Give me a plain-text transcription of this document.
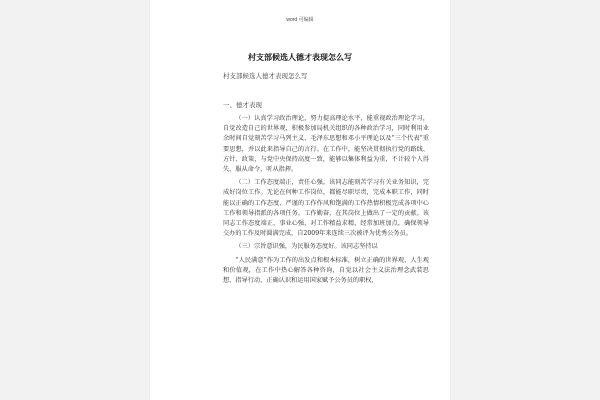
word 可编辑
村支部候选人德才表现怎么写
村支部候选人德才表现怎么写
一、德才表现

（一）认真学习政治理论，努力提高理论水平，能重视政治理论学习，自觉改造自己的世界观，积极参加局机关组织的各种政治学习，同时利用业余时间自觉刻苦学习马列主义、毛泽东思想和邓小平理论以及“三个代表”重要思想，并以此来指导自己的言行。在工作中，能坚决贯彻执行党的路线、方针、政策，与党中央保持高度一致，能够以集体利益为重，不计较个人得失，服从命令，听从指挥。

（二）工作态度端正，责任心强。该同志能刻苦学习有关业务知识，完成好岗位工作。无论在何种工作岗位，都能尽职尽责，完成本职工作，同时能以正确的工作态度、严谨的工作作风和饱满的工作热情积极完成各项中心工作和领导指派的各项任务。工作勤奋，在其岗位上做出了一定的贡献。该同志工作态度端正，事业心强，对工作精益求精，经常加班加点，确保领导交办的工作及时圆满完成，自2009年来连续三次被评为优秀公务员。

（三）宗旨意识强，为民服务态度好。该同志坚持以

“人民满意”作为工作的出发点和根本标准，树立正确的世界观、人生观和价值观，在工作中热心解答各种咨询，自觉以社会主义法治理念武装思想、指导行动，正确认识和运用国家赋予公务员的职权，
